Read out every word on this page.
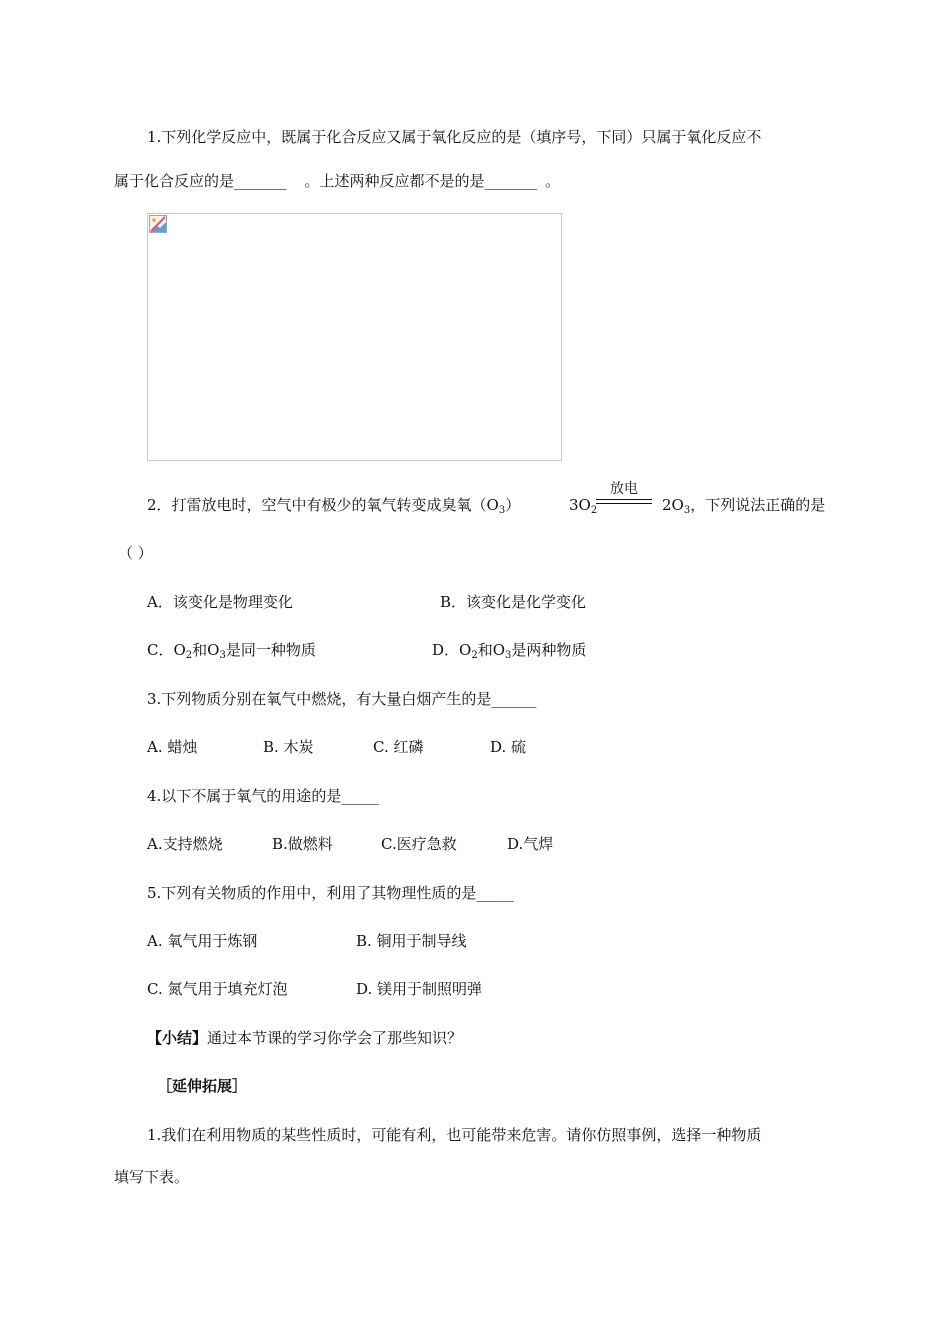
1.下列化学反应中，既属于化合反应又属于氧化反应的是（填序号，下同）只属于氧化反应不
属于化合反应的是_______ 。上述两种反应都不是的是_______ 。
2．打雷放电时，空气中有极少的氧气转变成臭氧$(O_3)$	$3O_2$
放电
$2O_3$，下列说法正确的是
（ ）
A．该变化是物理变化	B．该变化是化学变化
C．$O_2$和$O_3$是同一种物质	D．$O_2$和$O_3$是两种物质
3.下列物质分别在氧气中燃烧，有大量白烟产生的是______
A. 蜡烛	B. 木炭	C. 红磷	D. 硫
4.以下不属于氧气的用途的是_____
A.支持燃烧	B.做燃料	C.医疗急救	D.气焊
5.下列有关物质的作用中，利用了其物理性质的是_____
A. 氧气用于炼钢	B. 铜用于制导线
C. 氮气用于填充灯泡	D. 镁用于制照明弹
【小结】通过本节课的学习你学会了那些知识？
［延伸拓展］
1.我们在利用物质的某些性质时，可能有利，也可能带来危害。请你仿照事例，选择一种物质
填写下表。
